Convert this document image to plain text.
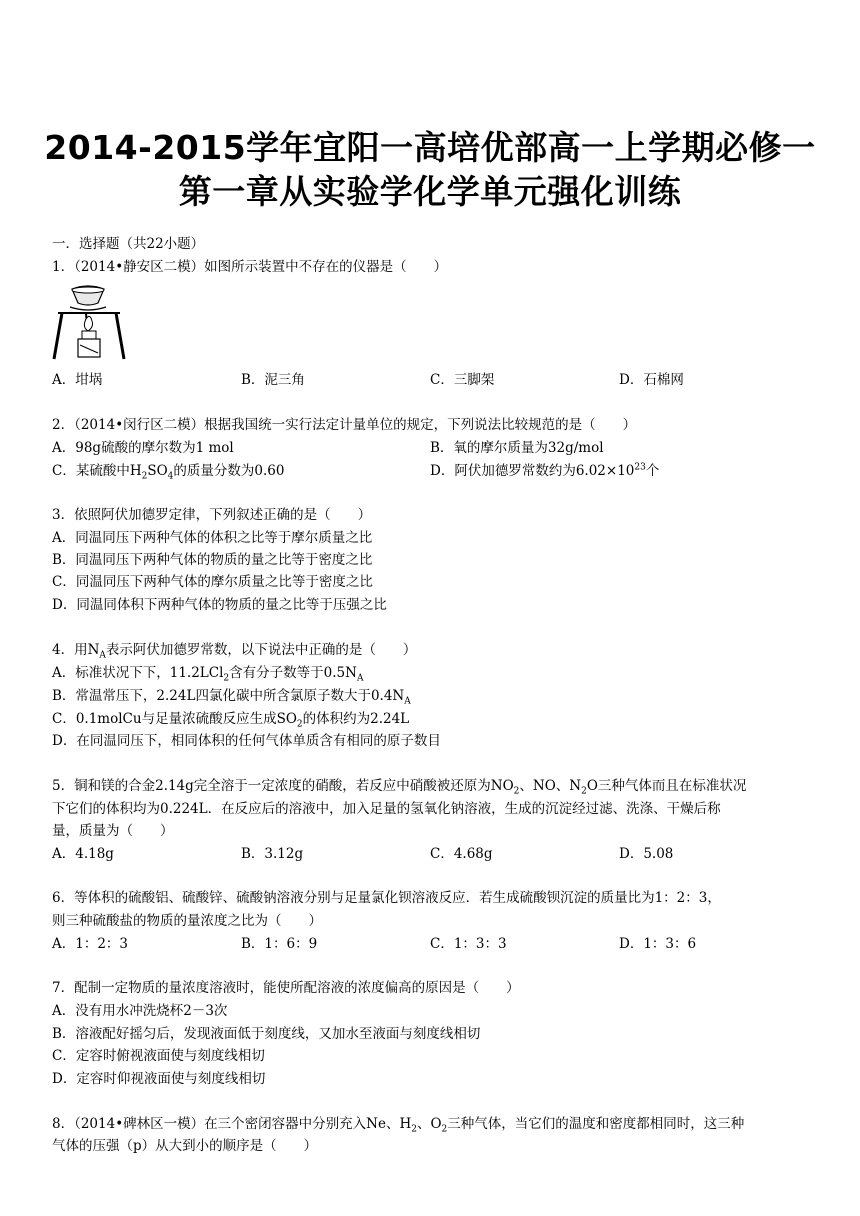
2014-2015学年宜阳一高培优部高一上学期必修一
第一章从实验学化学单元强化训练
一．选择题（共22小题）
1．（2014•静安区二模）如图所示装置中不存在的仪器是（　　）
A．坩埚	B．泥三角	C．三脚架	D．石棉网
2．（2014•闵行区二模）根据我国统一实行法定计量单位的规定，下列说法比较规范的是（　　）
A．98g硫酸的摩尔数为1 mol	B．氧的摩尔质量为32g/mol
C．某硫酸中$H_2SO_4$的质量分数为0.60	D．阿伏加德罗常数约为$6.02\times 10^{23}$个
3．依照阿伏加德罗定律，下列叙述正确的是（　　）
A．同温同压下两种气体的体积之比等于摩尔质量之比
B．同温同压下两种气体的物质的量之比等于密度之比
C．同温同压下两种气体的摩尔质量之比等于密度之比
D．同温同体积下两种气体的物质的量之比等于压强之比
4．用$N_A$表示阿伏加德罗常数，以下说法中正确的是（　　）
A．标准状况下下，11.2LCl$_2$含有分子数等于$0.5N_A$
B．常温常压下，2.24L四氯化碳中所含氯原子数大于$0.4N_A$
C．0.1molCu与足量浓硫酸反应生成$SO_2$的体积约为2.24L
D．在同温同压下，相同体积的任何气体单质含有相同的原子数目
5．铜和镁的合金2.14g完全溶于一定浓度的硝酸，若反应中硝酸被还原为$NO_2$、NO、$N_2O$三种气体而且在标准状况
下它们的体积均为0.224L．在反应后的溶液中，加入足量的氢氧化钠溶液，生成的沉淀经过滤、洗涤、干燥后称
量，质量为（　　）
A．4.18g	B．3.12g	C．4.68g	D．5.08
6．等体积的硫酸铝、硫酸锌、硫酸钠溶液分别与足量氯化钡溶液反应．若生成硫酸钡沉淀的质量比为1：2：3，
则三种硫酸盐的物质的量浓度之比为（　　）
A．1：2：3	B．1：6：9	C．1：3：3	D．1：3：6
7．配制一定物质的量浓度溶液时，能使所配溶液的浓度偏高的原因是（　　）
A．没有用水冲洗烧杯2－3次
B．溶液配好摇匀后，发现液面低于刻度线，又加水至液面与刻度线相切
C．定容时俯视液面使与刻度线相切
D．定容时仰视液面使与刻度线相切
8．（2014•碑林区一模）在三个密闭容器中分别充入Ne、$H_2$、$O_2$三种气体，当它们的温度和密度都相同时，这三种
气体的压强（p）从大到小的顺序是（　　）
